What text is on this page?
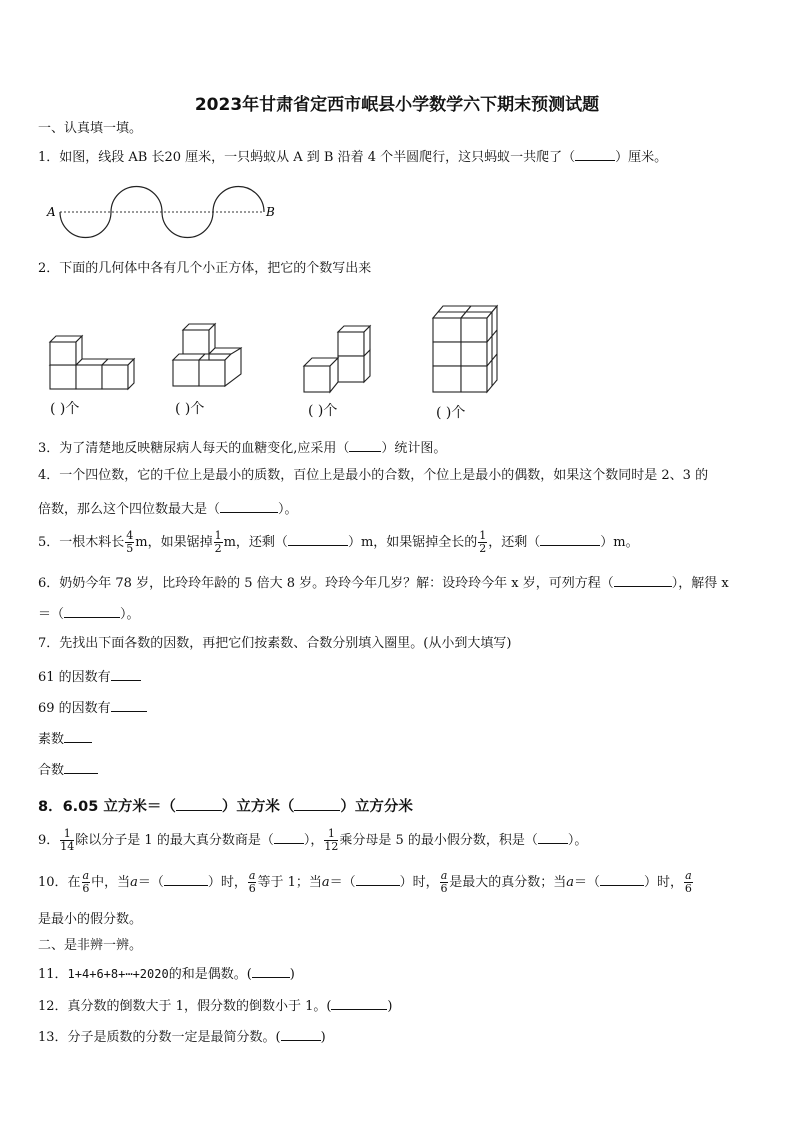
2023年甘肃省定西市岷县小学数学六下期末预测试题
一、认真填一填。
1．如图，线段 AB 长20 厘米，一只蚂蚁从 A 到 B 沿着 4 个半圆爬行，这只蚂蚁一共爬了（	）厘米。
A	B
2．下面的几何体中各有几个小正方体，把它的个数写出来
( )个	( )个	( )个	( )个
3．为了清楚地反映糖尿病人每天的血糖变化,应采用（ ）统计图。
4．一个四位数，它的千位上是最小的质数，百位上是最小的合数，个位上是最小的偶数，如果这个数同时是 2、3 的
倍数，那么这个四位数最大是（	）。
5．一根木料长 $\frac{4}{5}$ m，如果锯掉 $\frac{1}{2}$ m，还剩（	）m，如果锯掉全长的 $\frac{1}{2}$ ，还剩（	）m。
6．奶奶今年 78 岁，比玲玲年龄的 5 倍大 8 岁。玲玲今年几岁？解：设玲玲今年 x 岁，可列方程（	），解得 x
＝（	）。
7．先找出下面各数的因数，再把它们按素数、合数分别填入圈里。(从小到大填写)
61 的因数有
69 的因数有
素数
合数
8．6.05 立方米＝（	）立方米（	）立方分米
9． $\frac{1}{14}$ 除以分子是 1 的最大真分数商是（ ）， $\frac{1}{12}$ 乘分母是 5 的最小假分数，积是（ ）。
10．在 $\frac{a}{6}$ 中，当a＝（	）时， $\frac{a}{6}$ 等于 1；当a＝（	）时， $\frac{a}{6}$ 是最大的真分数；当a＝（	）时， $\frac{a}{6}$
是最小的假分数。
二、是非辨一辨。
11．1+4+6+8+⋯+2020的和是偶数。(	)
12．真分数的倒数大于 1，假分数的倒数小于 1。(	)
13．分子是质数的分数一定是最简分数。(	)
